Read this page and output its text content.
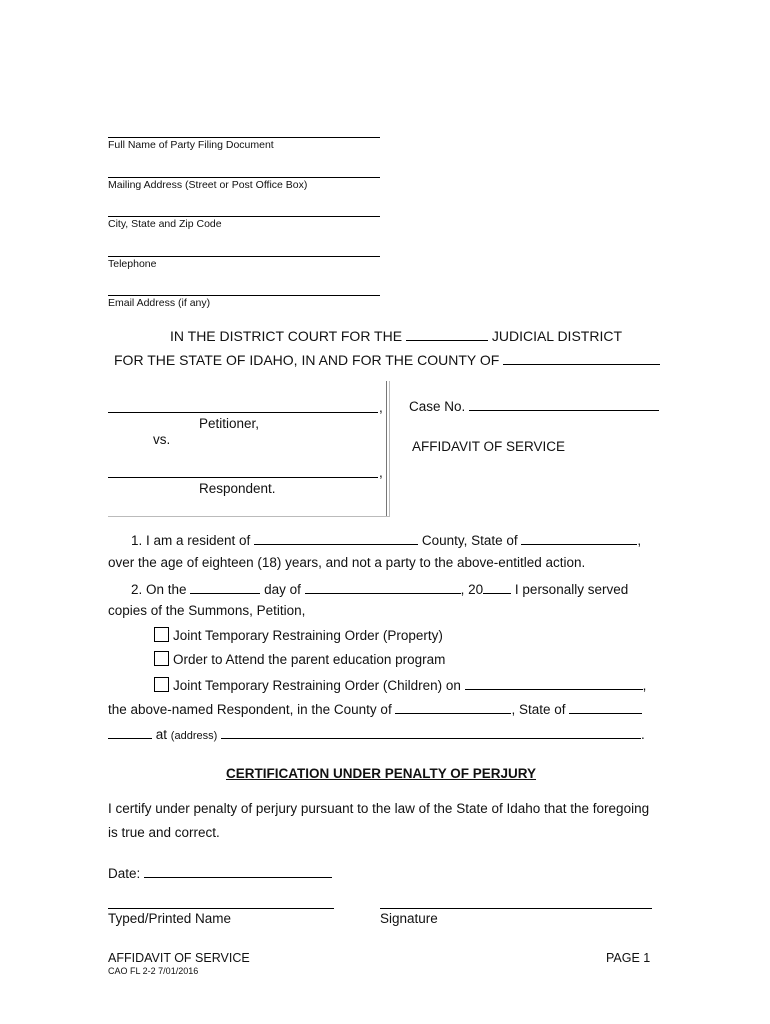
Full Name of Party Filing Document
Mailing Address (Street or Post Office Box)
City, State and Zip Code
Telephone
Email Address (if any)
IN THE DISTRICT COURT FOR THE	JUDICIAL DISTRICT
FOR THE STATE OF IDAHO, IN AND FOR THE COUNTY OF
,
Petitioner,
vs.
,
Respondent.
Case No.
AFFIDAVIT OF SERVICE
1. I am a resident of	County, State of	,
over the age of eighteen (18) years, and not a party to the above-entitled action.
2. On the	day of	, 20 I personally served
copies of the Summons, Petition,
Joint Temporary Restraining Order (Property)
Order to Attend the parent education program
Joint Temporary Restraining Order (Children) on	,
the above-named Respondent, in the County of	, State of
at (address)	.
CERTIFICATION UNDER PENALTY OF PERJURY
I certify under penalty of perjury pursuant to the law of the State of Idaho that the foregoing
is true and correct.
Date:
Typed/Printed Name	Signature
AFFIDAVIT OF SERVICE	PAGE 1
CAO FL 2-2 7/01/2016
